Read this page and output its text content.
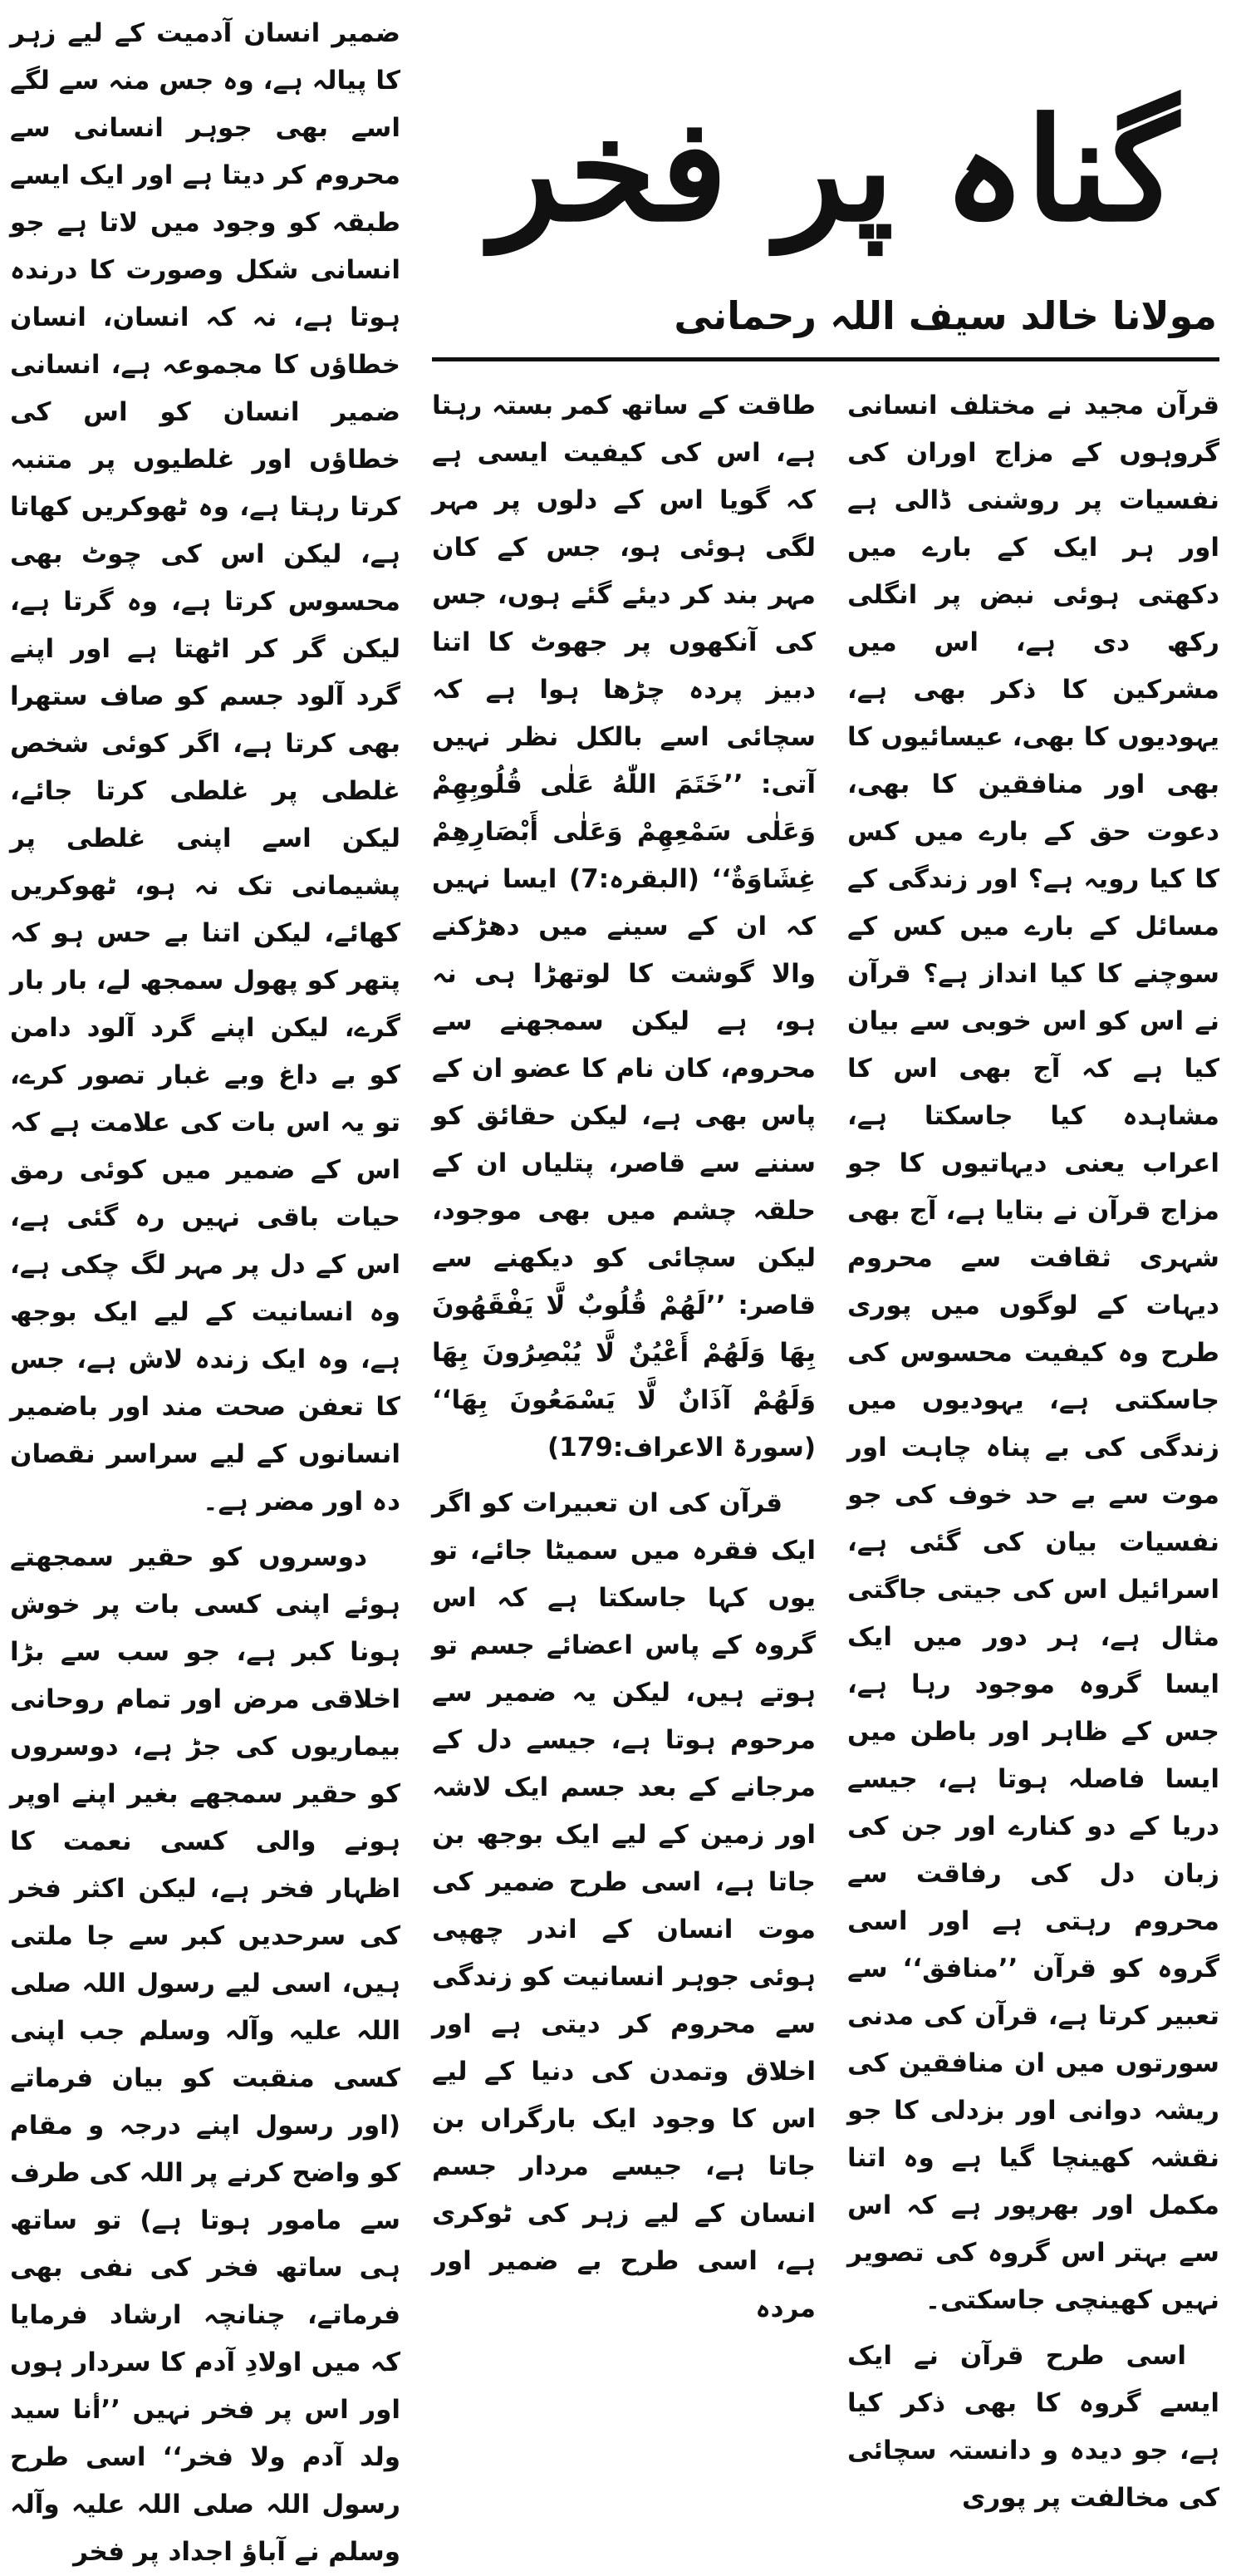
گناہ پر فخر
مولانا خالد سیف اللہ رحمانی

قرآن مجید نے مختلف انسانی گروہوں کے مزاج اوران کی نفسیات پر روشنی ڈالی ہے اور ہر ایک کے بارے میں دکھتی ہوئی نبض پر انگلی رکھ دی ہے، اس میں مشرکین کا ذکر بھی ہے، یہودیوں کا بھی، عیسائیوں کا بھی اور منافقین کا بھی، دعوت حق کے بارے میں کس کا کیا رویہ ہے؟ اور زندگی کے مسائل کے بارے میں کس کے سوچنے کا کیا انداز ہے؟ قرآن نے اس کو اس خوبی سے بیان کیا ہے کہ آج بھی اس کا مشاہدہ کیا جاسکتا ہے، اعراب یعنی دیہاتیوں کا جو مزاج قرآن نے بتایا ہے، آج بھی شہری ثقافت سے محروم دیہات کے لوگوں میں پوری طرح وہ کیفیت محسوس کی جاسکتی ہے، یہودیوں میں زندگی کی بے پناہ چاہت اور موت سے بے حد خوف کی جو نفسیات بیان کی گئی ہے، اسرائیل اس کی جیتی جاگتی مثال ہے، ہر دور میں ایک ایسا گروہ موجود رہا ہے، جس کے ظاہر اور باطن میں ایسا فاصلہ ہوتا ہے، جیسے دریا کے دو کنارے اور جن کی زبان دل کی رفاقت سے محروم رہتی ہے اور اسی گروہ کو قرآن ’’منافق‘‘ سے تعبیر کرتا ہے، قرآن کی مدنی سورتوں میں ان منافقین کی ریشہ دوانی اور بزدلی کا جو نقشہ کھینچا گیا ہے وہ اتنا مکمل اور بھرپور ہے کہ اس سے بہتر اس گروہ کی تصویر نہیں کھینچی جاسکتی۔

اسی طرح قرآن نے ایک ایسے گروہ کا بھی ذکر کیا ہے، جو دیدہ و دانستہ سچائی کی مخالفت پر پوری

طاقت کے ساتھ کمر بستہ رہتا ہے، اس کی کیفیت ایسی ہے کہ گویا اس کے دلوں پر مہر لگی ہوئی ہو، جس کے کان مہر بند کر دیئے گئے ہوں، جس کی آنکھوں پر جھوٹ کا اتنا دبیز پردہ چڑھا ہوا ہے کہ سچائی اسے بالکل نظر نہیں آتی: ’’خَتَمَ اللّٰهُ عَلٰى قُلُوبِهِمْ وَعَلٰى سَمْعِهِمْ وَعَلٰى أَبْصَارِهِمْ غِشَاوَةٌ‘‘ (البقرہ:7) ایسا نہیں کہ ان کے سینے میں دھڑکنے والا گوشت کا لوتھڑا ہی نہ ہو، ہے لیکن سمجھنے سے محروم، کان نام کا عضو ان کے پاس بھی ہے، لیکن حقائق کو سننے سے قاصر، پتلیاں ان کے حلقہ چشم میں بھی موجود، لیکن سچائی کو دیکھنے سے قاصر: ’’لَهُمْ قُلُوبٌ لَّا يَفْقَهُونَ بِهَا وَلَهُمْ أَعْيُنٌ لَّا يُبْصِرُونَ بِهَا وَلَهُمْ آذَانٌ لَّا يَسْمَعُونَ بِهَا‘‘ (سورۃ الاعراف:179)

قرآن کی ان تعبیرات کو اگر ایک فقرہ میں سمیٹا جائے، تو یوں کہا جاسکتا ہے کہ اس گروہ کے پاس اعضائے جسم تو ہوتے ہیں، لیکن یہ ضمیر سے مرحوم ہوتا ہے، جیسے دل کے مرجانے کے بعد جسم ایک لاشہ اور زمین کے لیے ایک بوجھ بن جاتا ہے، اسی طرح ضمیر کی موت انسان کے اندر چھپی ہوئی جوہر انسانیت کو زندگی سے محروم کر دیتی ہے اور اخلاق وتمدن کی دنیا کے لیے اس کا وجود ایک بارگراں بن جاتا ہے، جیسے مردار جسم انسان کے لیے زہر کی ٹوکری ہے، اسی طرح بے ضمیر اور مردہ

ضمیر انسان آدمیت کے لیے زہر کا پیالہ ہے، وہ جس منہ سے لگے اسے بھی جوہر انسانی سے محروم کر دیتا ہے اور ایک ایسے طبقہ کو وجود میں لاتا ہے جو انسانی شکل وصورت کا درندہ ہوتا ہے، نہ کہ انسان، انسان خطاؤں کا مجموعہ ہے، انسانی ضمیر انسان کو اس کی خطاؤں اور غلطیوں پر متنبہ کرتا رہتا ہے، وہ ٹھوکریں کھاتا ہے، لیکن اس کی چوٹ بھی محسوس کرتا ہے، وہ گرتا ہے، لیکن گر کر اٹھتا ہے اور اپنے گرد آلود جسم کو صاف ستھرا بھی کرتا ہے، اگر کوئی شخص غلطی پر غلطی کرتا جائے، لیکن اسے اپنی غلطی پر پشیمانی تک نہ ہو، ٹھوکریں کھائے، لیکن اتنا بے حس ہو کہ پتھر کو پھول سمجھ لے، بار بار گرے، لیکن اپنے گرد آلود دامن کو بے داغ وبے غبار تصور کرے، تو یہ اس بات کی علامت ہے کہ اس کے ضمیر میں کوئی رمق حیات باقی نہیں رہ گئی ہے، اس کے دل پر مہر لگ چکی ہے، وہ انسانیت کے لیے ایک بوجھ ہے، وہ ایک زندہ لاش ہے، جس کا تعفن صحت مند اور باضمیر انسانوں کے لیے سراسر نقصان دہ اور مضر ہے۔

دوسروں کو حقیر سمجھتے ہوئے اپنی کسی بات پر خوش ہونا کبر ہے، جو سب سے بڑا اخلاقی مرض اور تمام روحانی بیماریوں کی جڑ ہے، دوسروں کو حقیر سمجھے بغیر اپنے اوپر ہونے والی کسی نعمت کا اظہار فخر ہے، لیکن اکثر فخر کی سرحدیں کبر سے جا ملتی ہیں، اسی لیے رسول اللہ صلی اللہ علیہ وآلہ وسلم جب اپنی کسی منقبت کو بیان فرماتے (اور رسول اپنے درجہ و مقام کو واضح کرنے پر اللہ کی طرف سے مامور ہوتا ہے) تو ساتھ ہی ساتھ فخر کی نفی بھی فرماتے، چنانچہ ارشاد فرمایا کہ میں اولادِ آدم کا سردار ہوں اور اس پر فخر نہیں ’’أنا سيد ولد آدم ولا فخر‘‘ اسی طرح رسول اللہ صلی اللہ علیہ وآلہ وسلم نے آباؤ اجداد پر فخر
